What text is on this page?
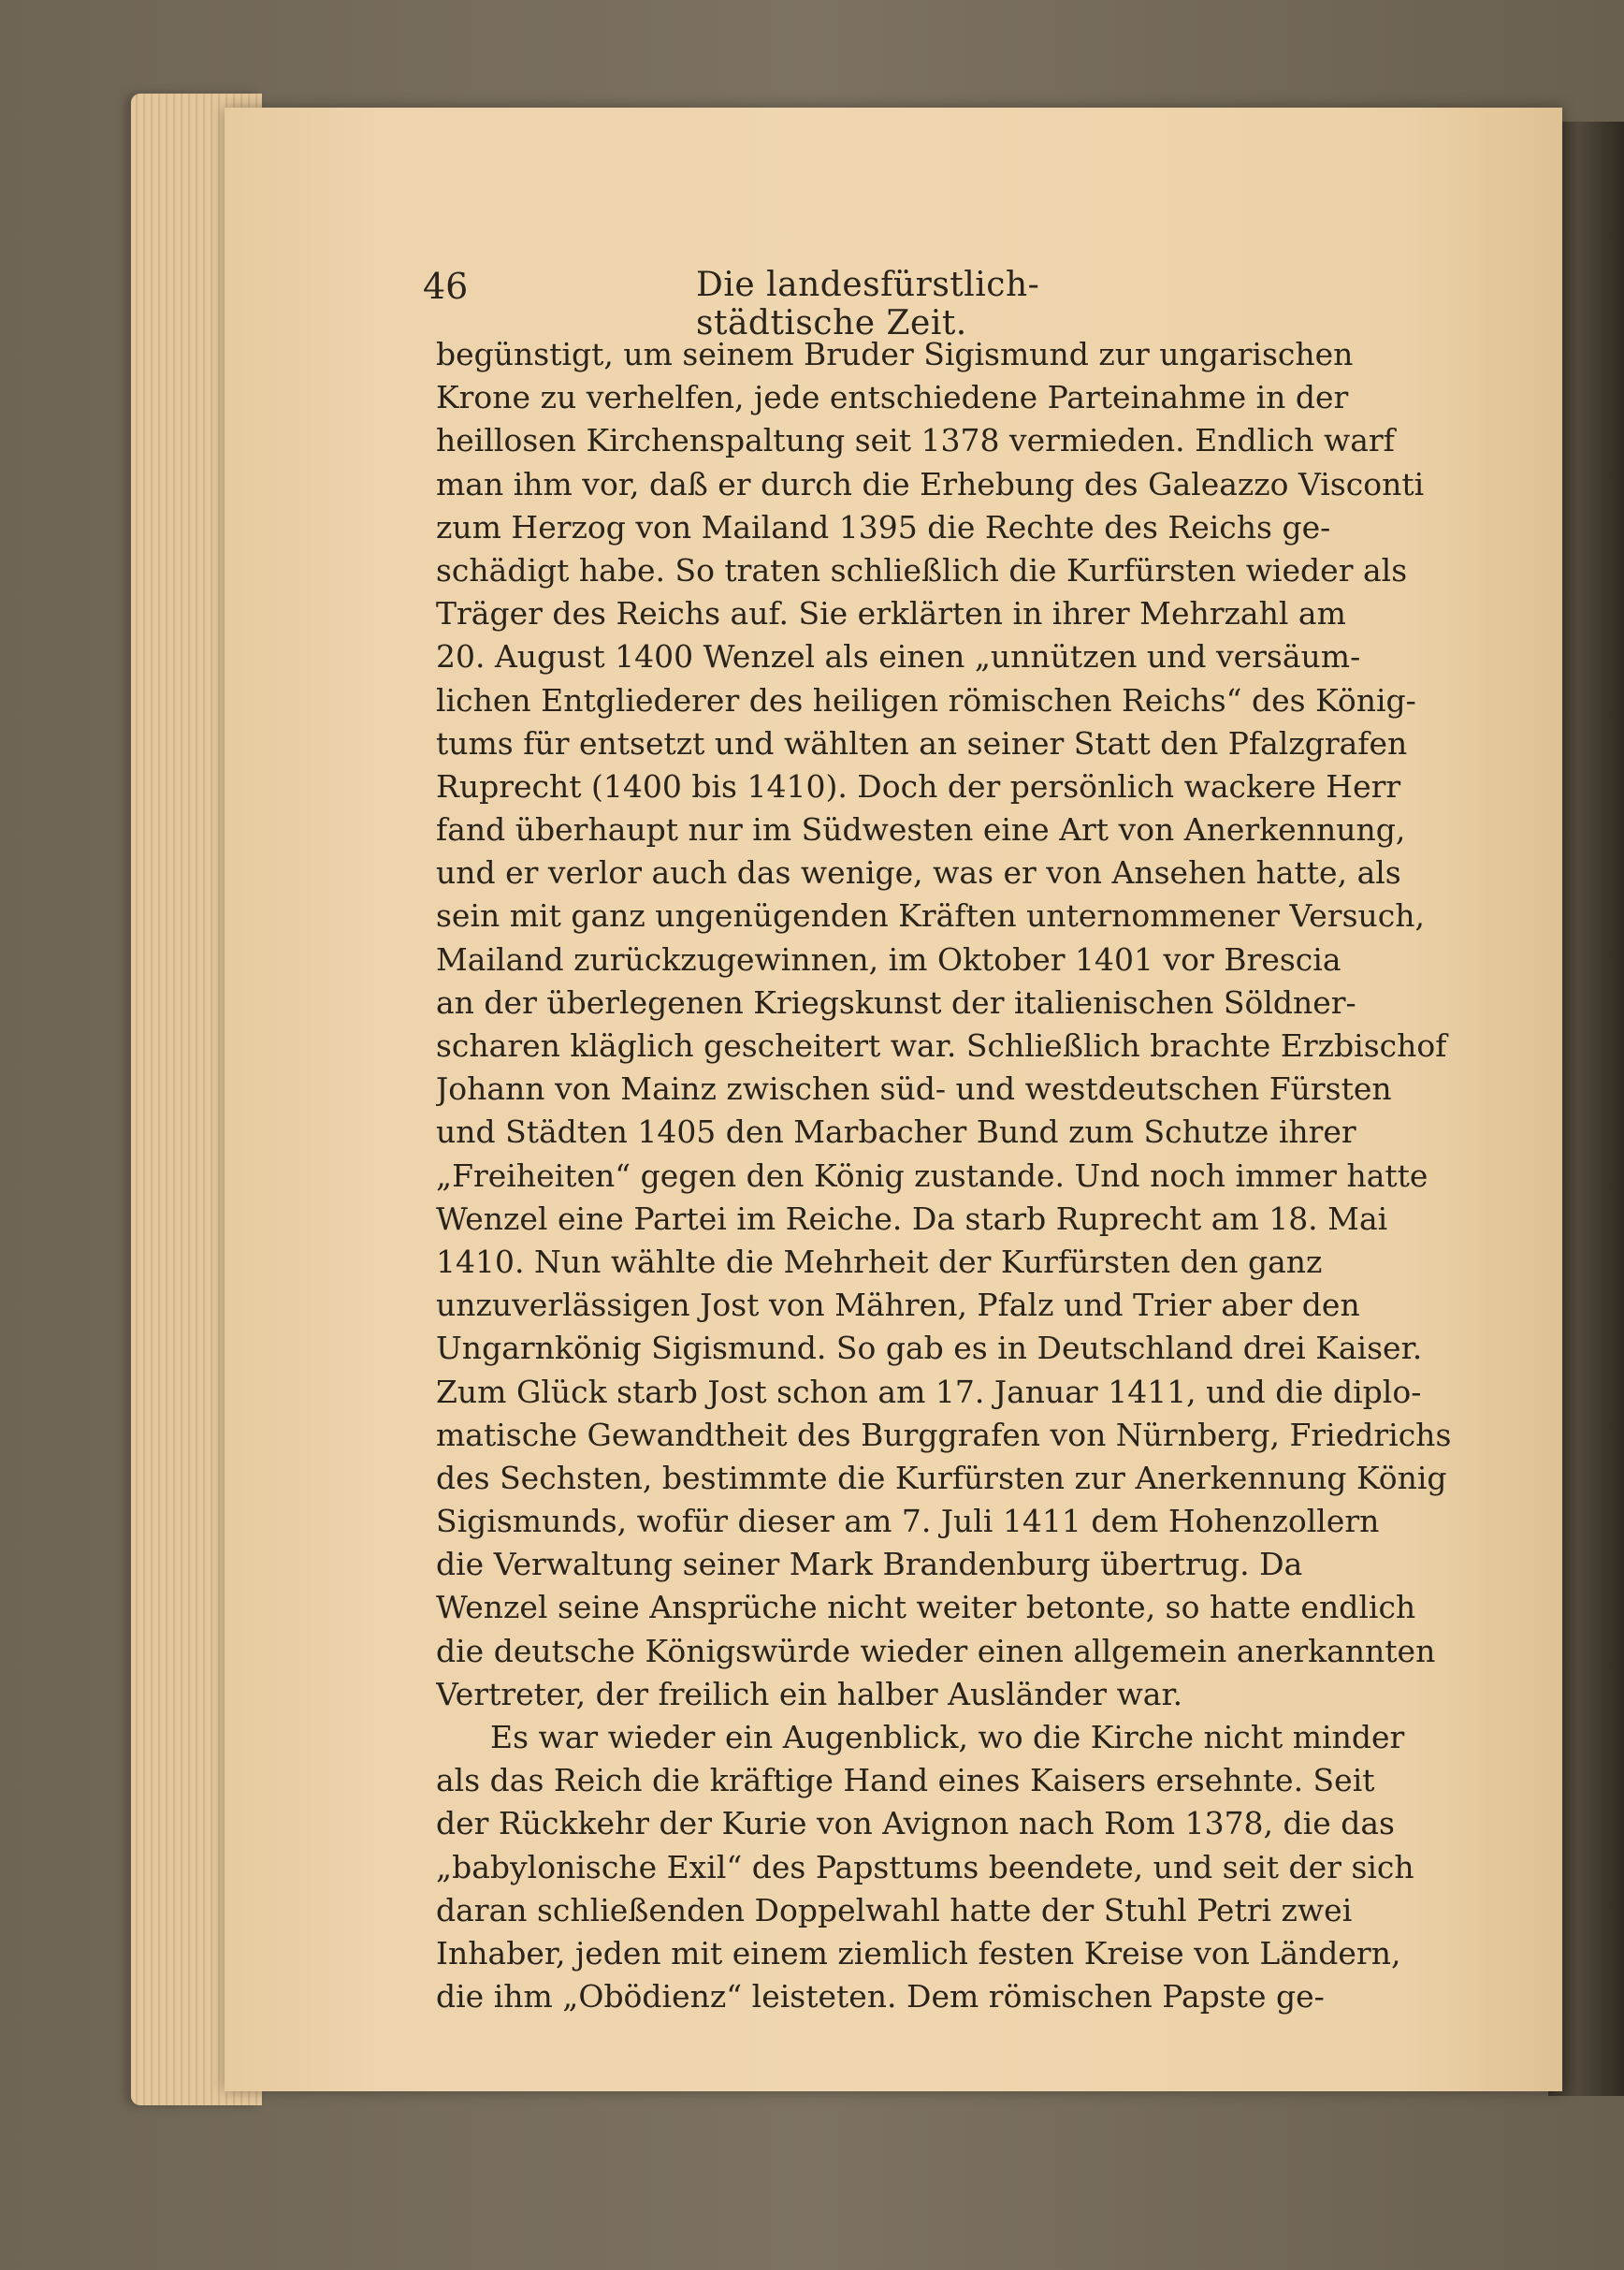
46	Die landesfürstlich-städtische Zeit.
begünstigt, um seinem Bruder Sigismund zur ungarischen
Krone zu verhelfen, jede entschiedene Parteinahme in der
heillosen Kirchenspaltung seit 1378 vermieden. Endlich warf
man ihm vor, daß er durch die Erhebung des Galeazzo Visconti
zum Herzog von Mailand 1395 die Rechte des Reichs ge-
schädigt habe. So traten schließlich die Kurfürsten wieder als
Träger des Reichs auf. Sie erklärten in ihrer Mehrzahl am
20. August 1400 Wenzel als einen „unnützen und versäum-
lichen Entgliederer des heiligen römischen Reichs“ des König-
tums für entsetzt und wählten an seiner Statt den Pfalzgrafen
Ruprecht (1400 bis 1410). Doch der persönlich wackere Herr
fand überhaupt nur im Südwesten eine Art von Anerkennung,
und er verlor auch das wenige, was er von Ansehen hatte, als
sein mit ganz ungenügenden Kräften unternommener Versuch,
Mailand zurückzugewinnen, im Oktober 1401 vor Brescia
an der überlegenen Kriegskunst der italienischen Söldner-
scharen kläglich gescheitert war. Schließlich brachte Erzbischof
Johann von Mainz zwischen süd- und westdeutschen Fürsten
und Städten 1405 den Marbacher Bund zum Schutze ihrer
„Freiheiten“ gegen den König zustande. Und noch immer hatte
Wenzel eine Partei im Reiche. Da starb Ruprecht am 18. Mai
1410. Nun wählte die Mehrheit der Kurfürsten den ganz
unzuverlässigen Jost von Mähren, Pfalz und Trier aber den
Ungarnkönig Sigismund. So gab es in Deutschland drei Kaiser.
Zum Glück starb Jost schon am 17. Januar 1411, und die diplo-
matische Gewandtheit des Burggrafen von Nürnberg, Friedrichs
des Sechsten, bestimmte die Kurfürsten zur Anerkennung König
Sigismunds, wofür dieser am 7. Juli 1411 dem Hohenzollern
die Verwaltung seiner Mark Brandenburg übertrug. Da
Wenzel seine Ansprüche nicht weiter betonte, so hatte endlich
die deutsche Königswürde wieder einen allgemein anerkannten
Vertreter, der freilich ein halber Ausländer war.
Es war wieder ein Augenblick, wo die Kirche nicht minder
als das Reich die kräftige Hand eines Kaisers ersehnte. Seit
der Rückkehr der Kurie von Avignon nach Rom 1378, die das
„babylonische Exil“ des Papsttums beendete, und seit der sich
daran schließenden Doppelwahl hatte der Stuhl Petri zwei
Inhaber, jeden mit einem ziemlich festen Kreise von Ländern,
die ihm „Obödienz“ leisteten. Dem römischen Papste ge-
